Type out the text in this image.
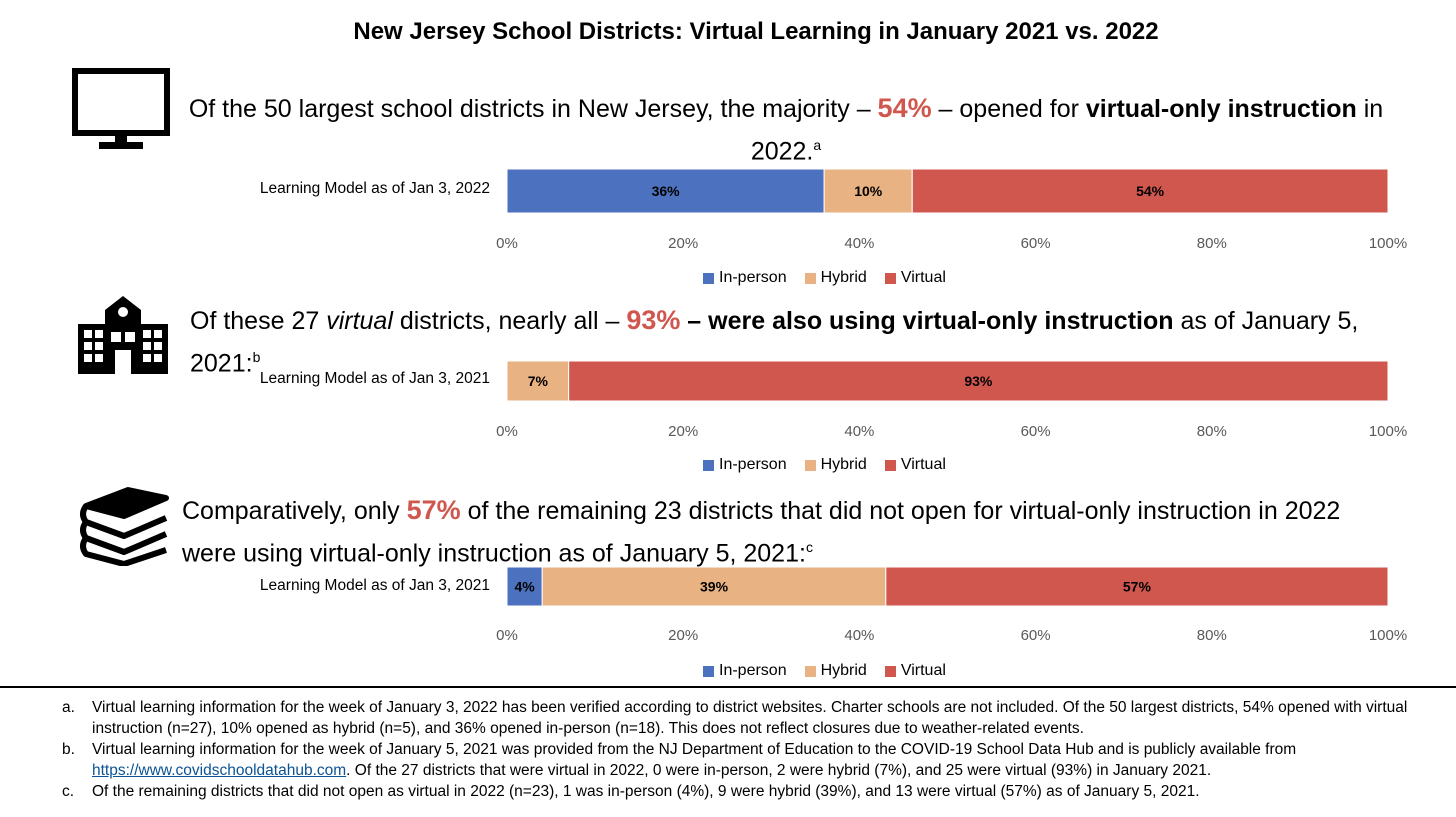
New Jersey School Districts: Virtual Learning in January 2021 vs. 2022
Of the 50 largest school districts in New Jersey, the majority – 54% – opened for virtual-only instruction in 2022.$^a$
Of these 27 virtual districts, nearly all – 93% – were also using virtual-only instruction as of January 5, 2021:$^b$
Comparatively, only 57% of the remaining 23 districts that did not open for virtual-only instruction in 2022 were using virtual-only instruction as of January 5, 2021:$^c$
Learning Model as of Jan 3, 2022
Learning Model as of Jan 3, 2021
Learning Model as of Jan 3, 2021
36%	10%	54%
0%	20%	40%	60%	80%	100%
7%	93%
0%	20%	40%	60%	80%	100%
4%	39%	57%
0%	20%	40%	60%	80%	100%
In-person Hybrid Virtual
In-person Hybrid Virtual
In-person Hybrid Virtual
a.	Virtual learning information for the week of January 3, 2022 has been verified according to district websites. Charter schools are not included. Of the 50 largest districts, 54% opened with virtual instruction (n=27), 10% opened as hybrid (n=5), and 36% opened in-person (n=18). This does not reflect closures due to weather-related events.
b.	Virtual learning information for the week of January 5, 2021 was provided from the NJ Department of Education to the COVID-19 School Data Hub and is publicly available from https://www.covidschooldatahub.com. Of the 27 districts that were virtual in 2022, 0 were in-person, 2 were hybrid (7%), and 25 were virtual (93%) in January 2021.
c.	Of the remaining districts that did not open as virtual in 2022 (n=23), 1 was in-person (4%), 9 were hybrid (39%), and 13 were virtual (57%) as of January 5, 2021.
